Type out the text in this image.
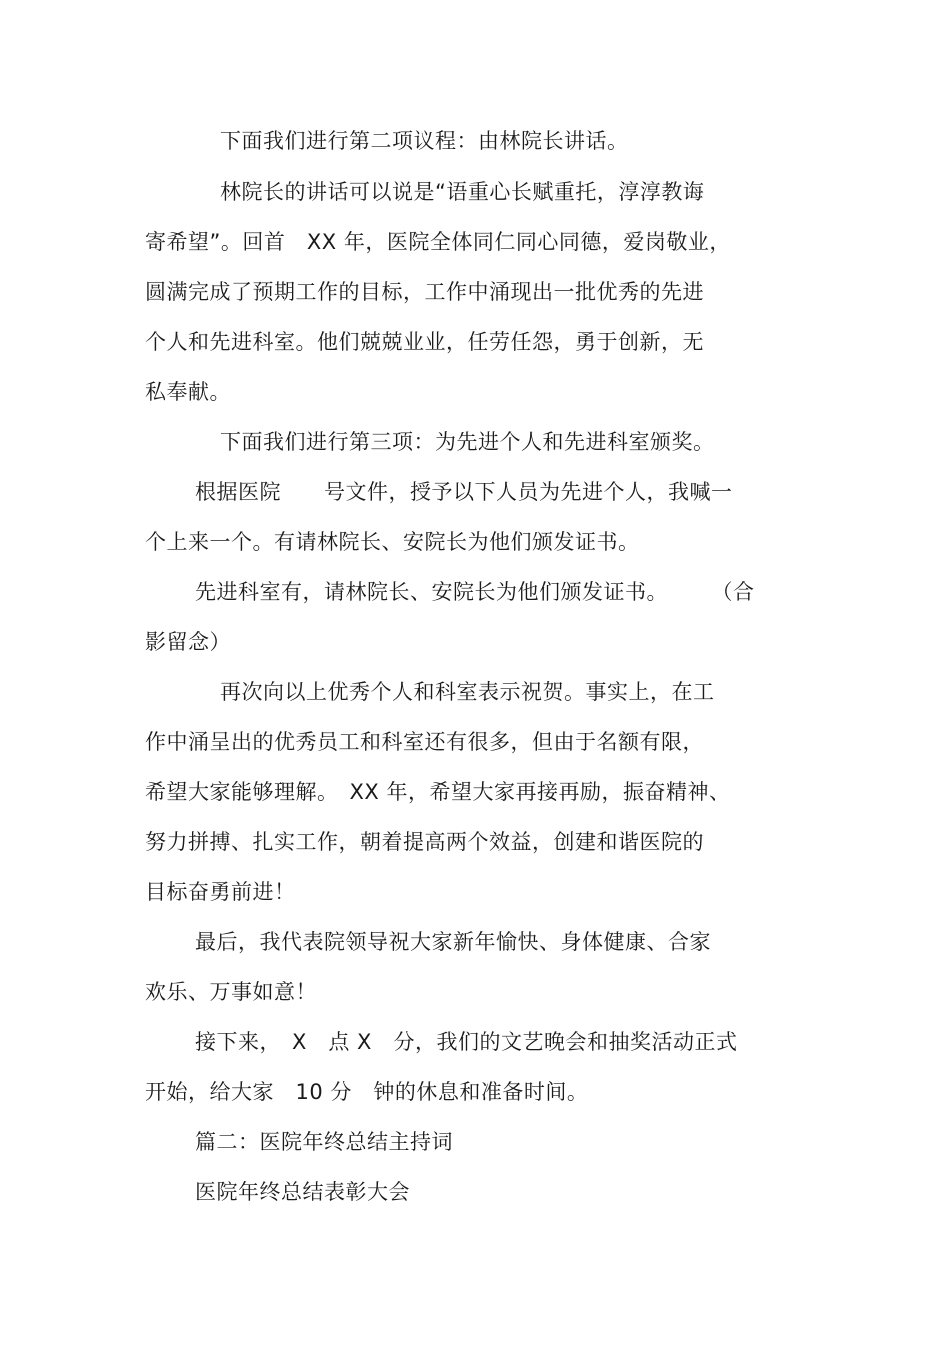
下面我们进行第二项议程：由林院长讲话。
林院长的讲话可以说是“语重心长赋重托，淳淳教诲
寄希望”。回首　XX 年，医院全体同仁同心同德，爱岗敬业，
圆满完成了预期工作的目标，工作中涌现出一批优秀的先进
个人和先进科室。他们兢兢业业，任劳任怨，勇于创新，无
私奉献。
下面我们进行第三项：为先进个人和先进科室颁奖。
根据医院　　号文件，授予以下人员为先进个人，我喊一
个上来一个。有请林院长、安院长为他们颁发证书。
先进科室有，请林院长、安院长为他们颁发证书。　　　（合
影留念）
再次向以上优秀个人和科室表示祝贺。事实上，在工
作中涌呈出的优秀员工和科室还有很多，但由于名额有限，
希望大家能够理解。　XX 年，希望大家再接再励，振奋精神、
努力拼搏、扎实工作，朝着提高两个效益，创建和谐医院的
目标奋勇前进！
最后，我代表院领导祝大家新年愉快、身体健康、合家
欢乐、万事如意！
接下来，　X　点 X　分，我们的文艺晚会和抽奖活动正式
开始，给大家　10 分　钟的休息和准备时间。
篇二：医院年终总结主持词
医院年终总结表彰大会
